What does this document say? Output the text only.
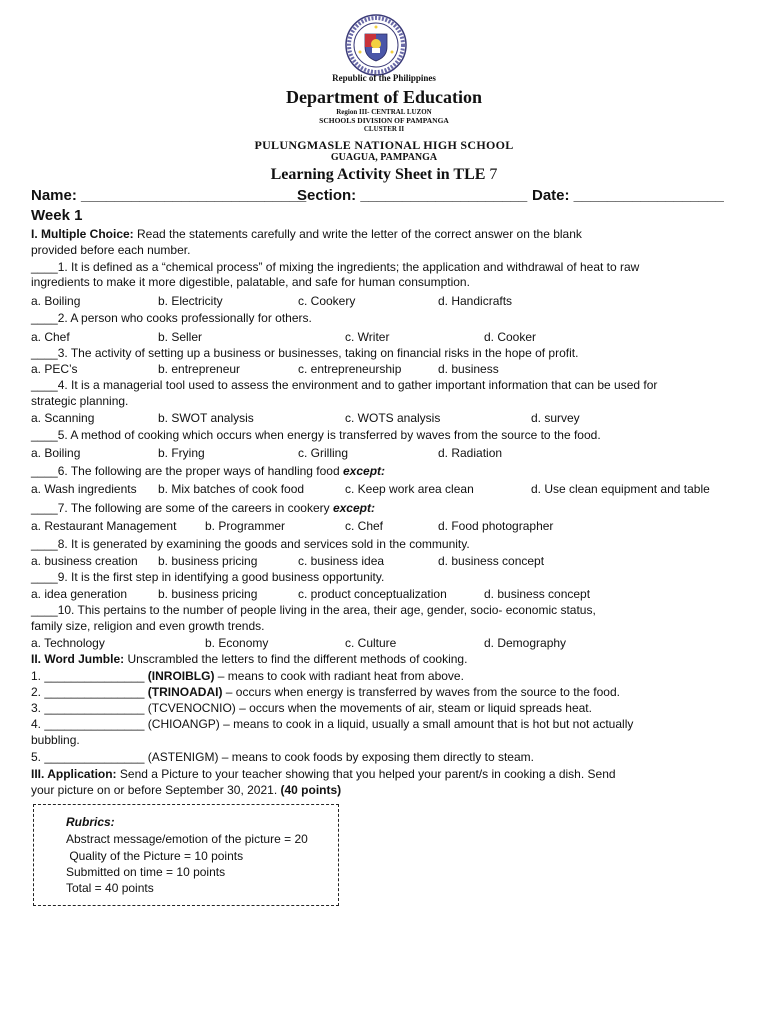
Republic of the Philippines
Department of Education
Region III- CENTRAL LUZON
SCHOOLS DIVISION OF PAMPANGA
CLUSTER II
PULUNGMASLE NATIONAL HIGH SCHOOL
GUAGUA, PAMPANGA
Learning Activity Sheet in TLE 7
Name: ___________________________
Section: ____________________ Date: __________________
Week 1
I. Multiple Choice: Read the statements carefully and write the letter of the correct answer on the blank
provided before each number.
____1. It is defined as a “chemical process” of mixing the ingredients; the application and withdrawal of heat to raw
ingredients to make it more digestible, palatable, and safe for human consumption.
a. Boiling	b. Electricity	c. Cookery	d. Handicrafts
____2. A person who cooks professionally for others.
a. Chef	b. Seller	c. Writer	d. Cooker
____3. The activity of setting up a business or businesses, taking on financial risks in the hope of profit.
a. PEC’s	b. entrepreneur	c. entrepreneurship	d. business
____4. It is a managerial tool used to assess the environment and to gather important information that can be used for
strategic planning.
a. Scanning	b. SWOT analysis	c. WOTS analysis	d. survey
____5. A method of cooking which occurs when energy is transferred by waves from the source to the food.
a. Boiling	b. Frying	c. Grilling	d. Radiation
____6. The following are the proper ways of handling food except:
a. Wash ingredients b. Mix batches of cook food	c. Keep work area clean	d. Use clean equipment and table
____7. The following are some of the careers in cookery except:
a. Restaurant Management b. Programmer	c. Chef	d. Food photographer
____8. It is generated by examining the goods and services sold in the community.
a. business creation b. business pricing	c. business idea	d. business concept
____9. It is the first step in identifying a good business opportunity.
a. idea generation	b. business pricing	c. product conceptualization	d. business concept
____10. This pertains to the number of people living in the area, their age, gender, socio- economic status,
family size, religion and even growth trends.
a. Technology	b. Economy	c. Culture	d. Demography
II. Word Jumble: Unscrambled the letters to find the different methods of cooking.
1. _______________ (INROIBLG) – means to cook with radiant heat from above.
2. _______________ (TRINOADAI) – occurs when energy is transferred by waves from the source to the food.
3. _______________ (TCVENOCNIO) – occurs when the movements of air, steam or liquid spreads heat.
4. _______________ (CHIOANGP) – means to cook in a liquid, usually a small amount that is hot but not actually
bubbling.
5. _______________ (ASTENIGM) – means to cook foods by exposing them directly to steam.
III. Application: Send a Picture to your teacher showing that you helped your parent/s in cooking a dish. Send
your picture on or before September 30, 2021. (40 points)
Rubrics:
Abstract message/emotion of the picture = 20
Quality of the Picture = 10 points
Submitted on time = 10 points
Total = 40 points
